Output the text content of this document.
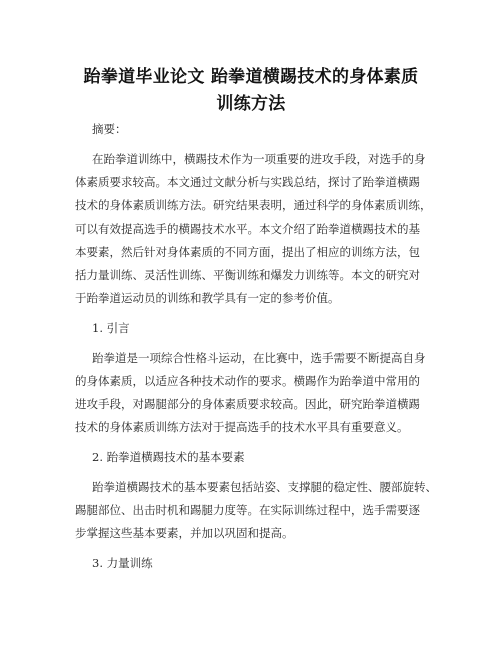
跆拳道毕业论文 跆拳道横踢技术的身体素质
训练方法
摘要：
在跆拳道训练中，横踢技术作为一项重要的进攻手段，对选手的身
体素质要求较高。本文通过文献分析与实践总结，探讨了跆拳道横踢
技术的身体素质训练方法。研究结果表明，通过科学的身体素质训练，
可以有效提高选手的横踢技术水平。本文介绍了跆拳道横踢技术的基
本要素，然后针对身体素质的不同方面，提出了相应的训练方法，包
括力量训练、灵活性训练、平衡训练和爆发力训练等。本文的研究对
于跆拳道运动员的训练和教学具有一定的参考价值。
1. 引言
跆拳道是一项综合性格斗运动，在比赛中，选手需要不断提高自身
的身体素质，以适应各种技术动作的要求。横踢作为跆拳道中常用的
进攻手段，对踢腿部分的身体素质要求较高。因此，研究跆拳道横踢
技术的身体素质训练方法对于提高选手的技术水平具有重要意义。
2. 跆拳道横踢技术的基本要素
跆拳道横踢技术的基本要素包括站姿、支撑腿的稳定性、腰部旋转、
踢腿部位、出击时机和踢腿力度等。在实际训练过程中，选手需要逐
步掌握这些基本要素，并加以巩固和提高。
3. 力量训练
